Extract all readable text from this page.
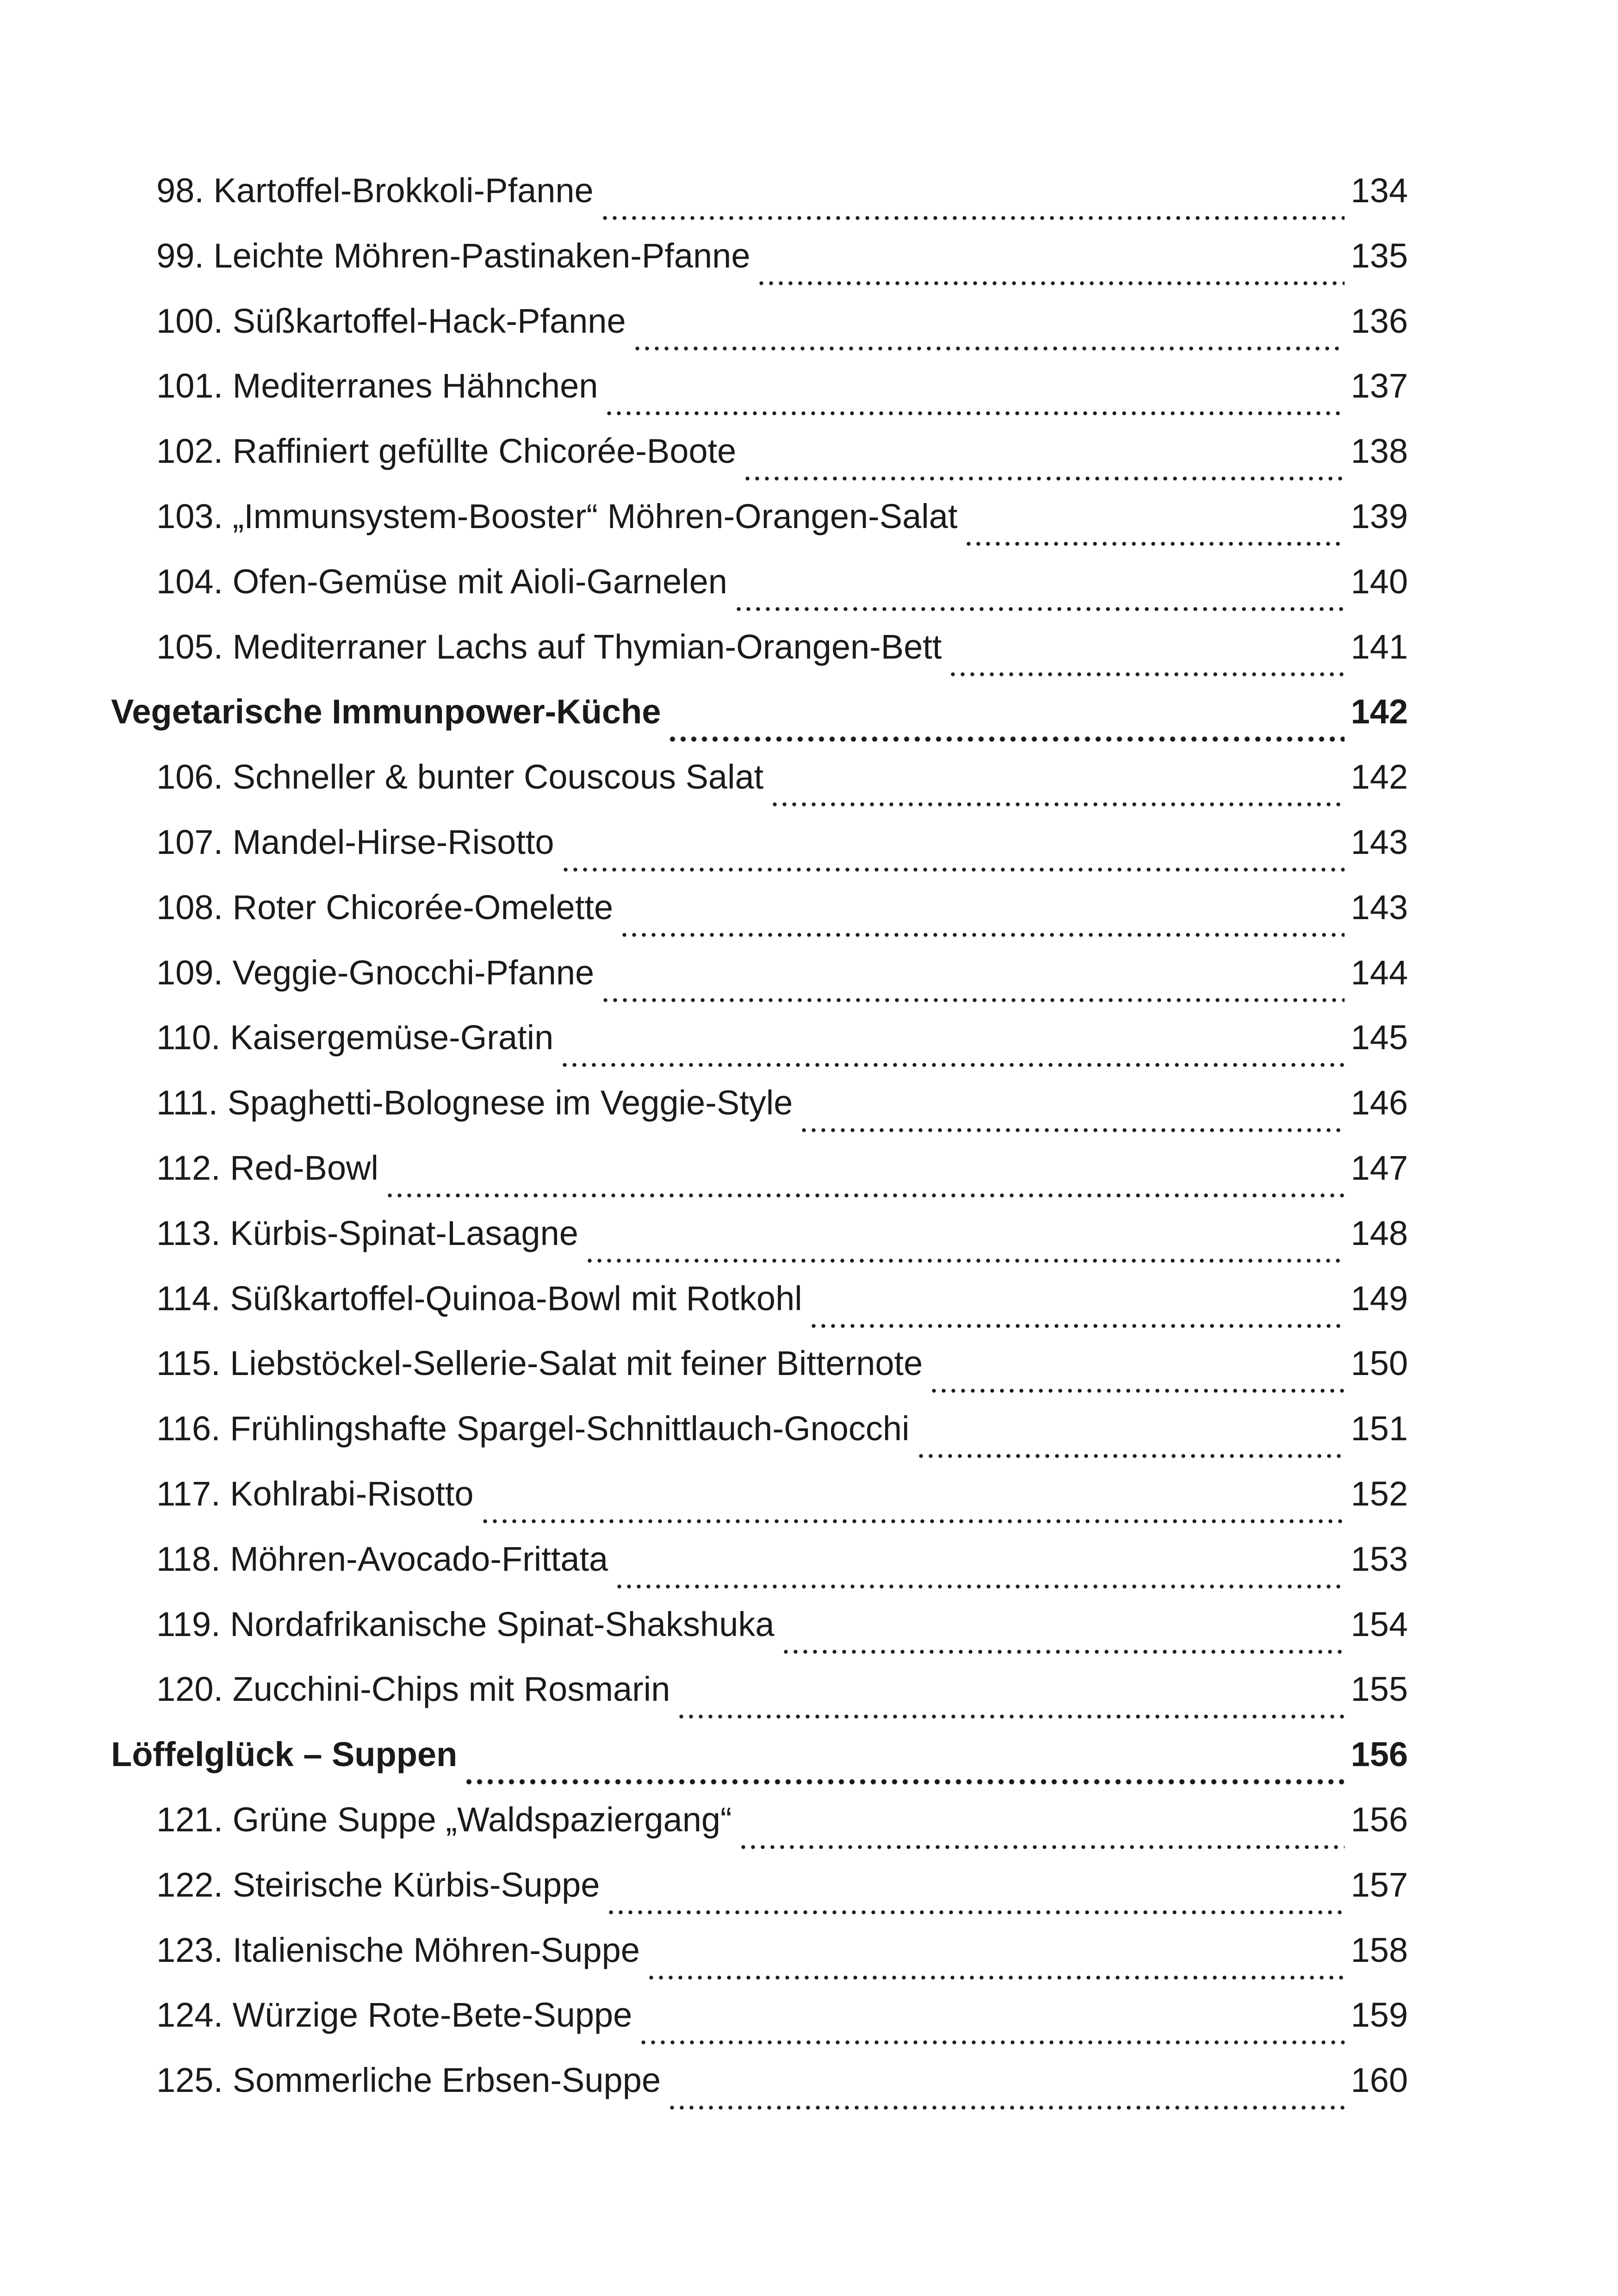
98. Kartoffel-Brokkoli-Pfanne	134
99. Leichte Möhren-Pastinaken-Pfanne	135
100. Süßkartoffel-Hack-Pfanne	136
101. Mediterranes Hähnchen	137
102. Raffiniert gefüllte Chicorée-Boote	138
103. „Immunsystem-Booster“ Möhren-Orangen-Salat	139
104. Ofen-Gemüse mit Aioli-Garnelen	140
105. Mediterraner Lachs auf Thymian-Orangen-Bett	141
Vegetarische Immunpower-Küche	142
106. Schneller & bunter Couscous Salat	142
107. Mandel-Hirse-Risotto	143
108. Roter Chicorée-Omelette	143
109. Veggie-Gnocchi-Pfanne	144
110. Kaisergemüse-Gratin	145
111. Spaghetti-Bolognese im Veggie-Style	146
112. Red-Bowl	147
113. Kürbis-Spinat-Lasagne	148
114. Süßkartoffel-Quinoa-Bowl mit Rotkohl	149
115. Liebstöckel-Sellerie-Salat mit feiner Bitternote	150
116. Frühlingshafte Spargel-Schnittlauch-Gnocchi	151
117. Kohlrabi-Risotto	152
118. Möhren-Avocado-Frittata	153
119. Nordafrikanische Spinat-Shakshuka	154
120. Zucchini-Chips mit Rosmarin	155
Löffelglück – Suppen	156
121. Grüne Suppe „Waldspaziergang“	156
122. Steirische Kürbis-Suppe	157
123. Italienische Möhren-Suppe	158
124. Würzige Rote-Bete-Suppe	159
125. Sommerliche Erbsen-Suppe	160
